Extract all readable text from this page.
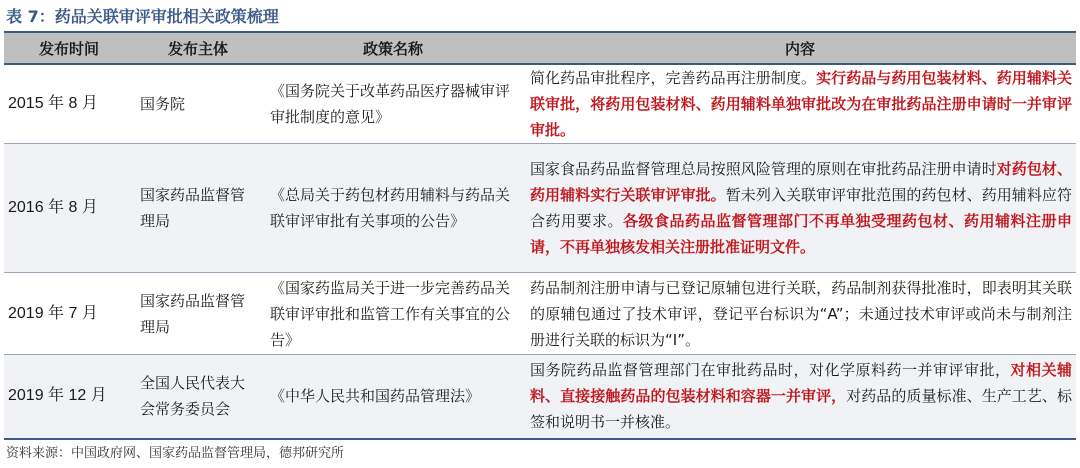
表 7：药品关联审评审批相关政策梳理
发布时间	发布主体	政策名称	内容
2015 年 8 月	国务院	《国务院关于改革药品医疗器械审评审批制度的意见》	简化药品审批程序，完善药品再注册制度。实行药品与药用包装材料、药用辅料关联审批，将药用包装材料、药用辅料单独审批改为在审批药品注册申请时一并审评审批。
2016 年 8 月	国家药品监督管理局	《总局关于药包材药用辅料与药品关联审评审批有关事项的公告》	国家食品药品监督管理总局按照风险管理的原则在审批药品注册申请时对药包材、药用辅料实行关联审评审批。暂未列入关联审评审批范围的药包材、药用辅料应符合药用要求。各级食品药品监督管理部门不再单独受理药包材、药用辅料注册申请，不再单独核发相关注册批准证明文件。
2019 年 7 月	国家药品监督管理局	《国家药监局关于进一步完善药品关联审评审批和监管工作有关事宜的公告》	药品制剂注册申请与已登记原辅包进行关联，药品制剂获得批准时，即表明其关联的原辅包通过了技术审评，登记平台标识为“A”；未通过技术审评或尚未与制剂注册进行关联的标识为“I”。
2019 年 12 月	全国人民代表大会常务委员会	《中华人民共和国药品管理法》	国务院药品监督管理部门在审批药品时，对化学原料药一并审评审批，对相关辅料、直接接触药品的包装材料和容器一并审评，对药品的质量标准、生产工艺、标签和说明书一并核准。
资料来源：中国政府网、国家药品监督管理局，德邦研究所
